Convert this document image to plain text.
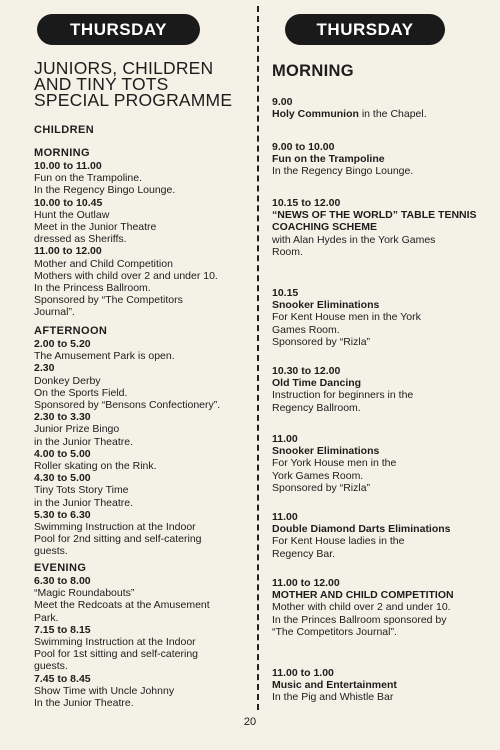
THURSDAY	THURSDAY
JUNIORS, CHILDREN AND TINY TOTS SPECIAL PROGRAMME
MORNING
CHILDREN
MORNING

10.00 to 11.00

Fun on the Trampoline.

In the Regency Bingo Lounge.

10.00 to 10.45

Hunt the Outlaw

Meet in the Junior Theatre

dressed as Sheriffs.

11.00 to 12.00

Mother and Child Competition

Mothers with child over 2 and under 10.

In the Princess Ballroom.

Sponsored by “The Competitors

Journal”.

AFTERNOON

2.00 to 5.20

The Amusement Park is open.

2.30

Donkey Derby

On the Sports Field.

Sponsored by “Bensons Confectionery”.

2.30 to 3.30

Junior Prize Bingo

in the Junior Theatre.

4.00 to 5.00

Roller skating on the Rink.

4.30 to 5.00

Tiny Tots Story Time

in the Junior Theatre.

5.30 to 6.30

Swimming Instruction at the Indoor

Pool for 2nd sitting and self-catering

guests.

EVENING

6.30 to 8.00

“Magic Roundabouts”

Meet the Redcoats at the Amusement

Park.

7.15 to 8.15

Swimming Instruction at the Indoor

Pool for 1st sitting and self-catering

guests.

7.45 to 8.45

Show Time with Uncle Johnny

In the Junior Theatre.

9.00

Holy Communion in the Chapel.

9.00 to 10.00

Fun on the Trampoline

In the Regency Bingo Lounge.

10.15 to 12.00

“NEWS OF THE WORLD” TABLE TENNIS COACHING SCHEME

with Alan Hydes in the York Games

Room.

10.15

Snooker Eliminations

For Kent House men in the York

Games Room.

Sponsored by “Rizla”

10.30 to 12.00

Old Time Dancing

Instruction for beginners in the

Regency Ballroom.

11.00

Snooker Eliminations

For York House men in the

York Games Room.

Sponsored by “Rizla”

11.00

Double Diamond Darts Eliminations

For Kent House ladies in the

Regency Bar.

11.00 to 12.00

MOTHER AND CHILD COMPETITION

Mother with child over 2 and under 10.

In the Princes Ballroom sponsored by

“The Competitors Journal”.

11.00 to 1.00

Music and Entertainment

In the Pig and Whistle Bar

20
